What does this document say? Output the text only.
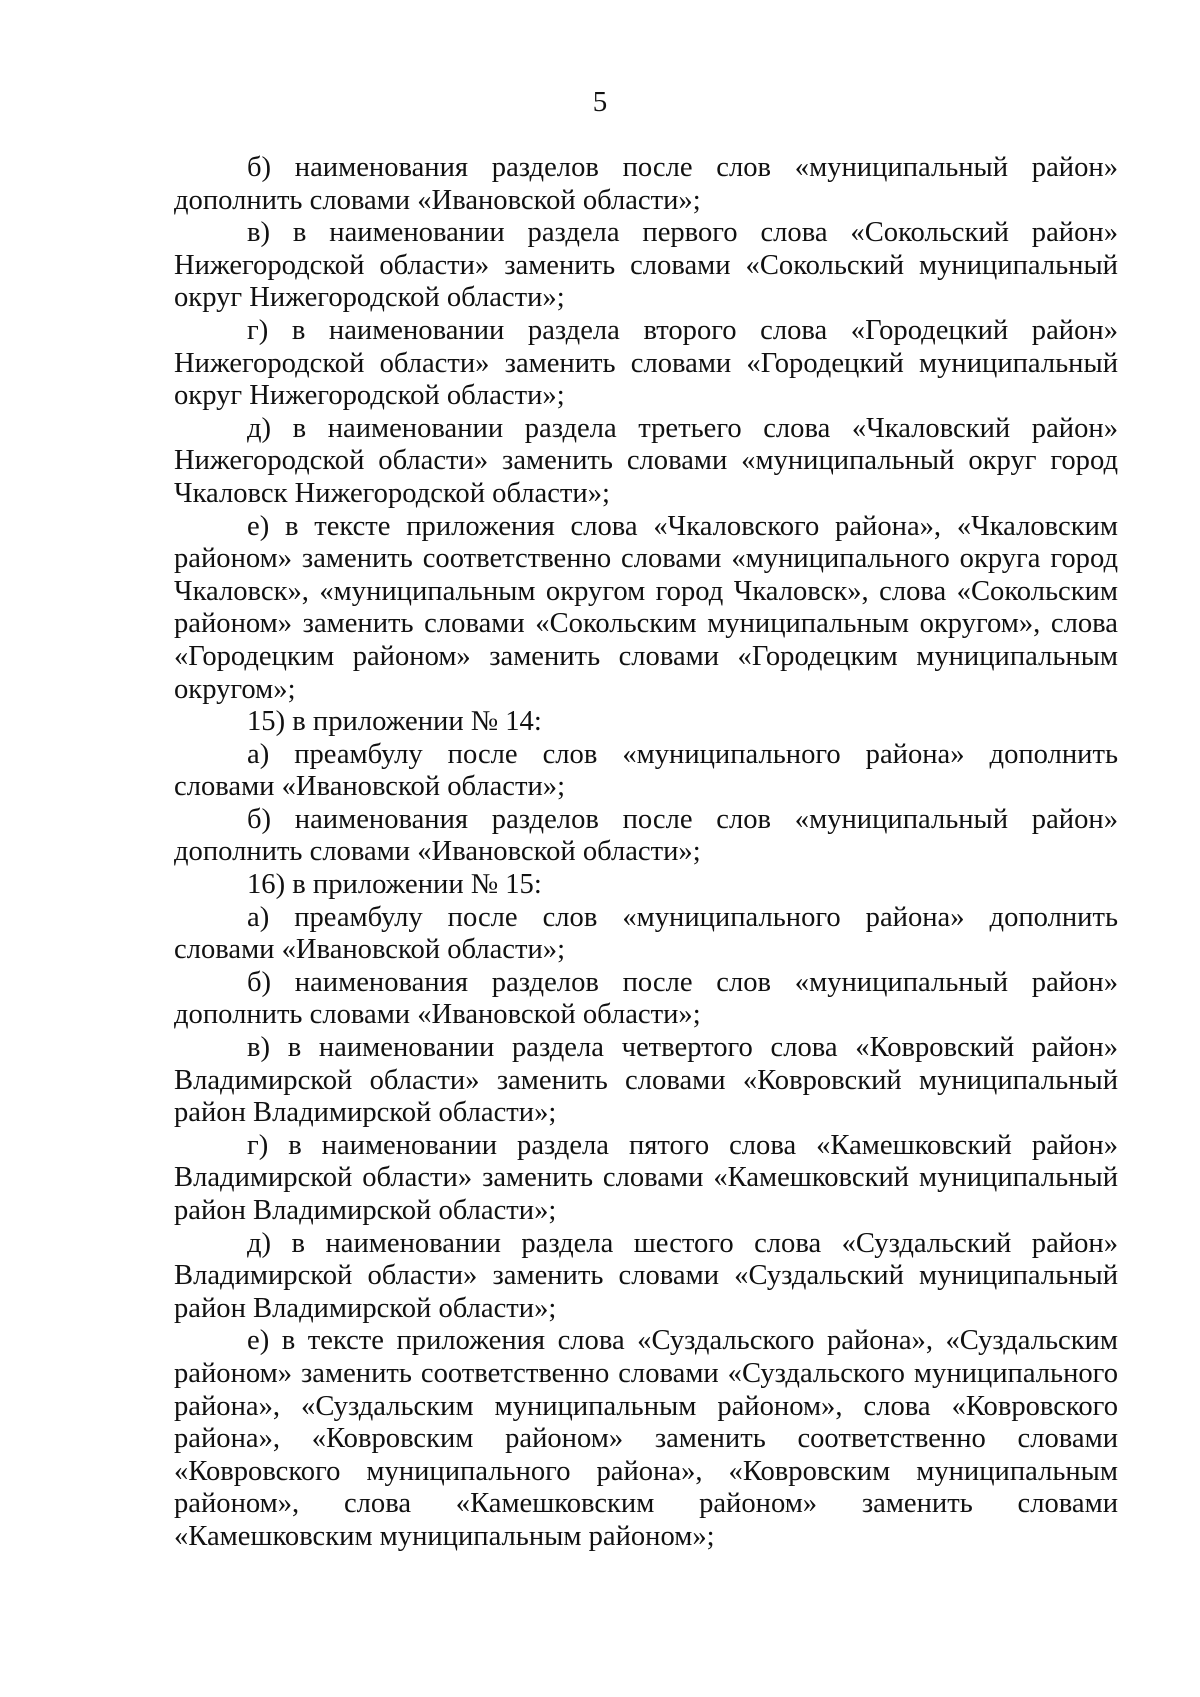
5

б) наименования разделов после слов «муниципальный район» дополнить словами «Ивановской области»;

в) в наименовании раздела первого слова «Сокольский район» Нижегородской области» заменить словами «Сокольский муниципальный округ Нижегородской области»;

г) в наименовании раздела второго слова «Городецкий район» Нижегородской области» заменить словами «Городецкий муниципальный округ Нижегородской области»;

д) в наименовании раздела третьего слова «Чкаловский район» Нижегородской области» заменить словами «муниципальный округ город Чкаловск Нижегородской области»;

е) в тексте приложения слова «Чкаловского района», «Чкаловским районом» заменить соответственно словами «муниципального округа город Чкаловск», «муниципальным округом город Чкаловск», слова «Сокольским районом» заменить словами «Сокольским муниципальным округом», слова «Городецким районом» заменить словами «Городецким муниципальным округом»;

15) в приложении № 14:

а) преамбулу после слов «муниципального района» дополнить словами «Ивановской области»;

б) наименования разделов после слов «муниципальный район» дополнить словами «Ивановской области»;

16) в приложении № 15:

а) преамбулу после слов «муниципального района» дополнить словами «Ивановской области»;

б) наименования разделов после слов «муниципальный район» дополнить словами «Ивановской области»;

в) в наименовании раздела четвертого слова «Ковровский район» Владимирской области» заменить словами «Ковровский муниципальный район Владимирской области»;

г) в наименовании раздела пятого слова «Камешковский район» Владимирской области» заменить словами «Камешковский муниципальный район Владимирской области»;

д) в наименовании раздела шестого слова «Суздальский район» Владимирской области» заменить словами «Суздальский муниципальный район Владимирской области»;

е) в тексте приложения слова «Суздальского района», «Суздальским районом» заменить соответственно словами «Суздальского муниципального района», «Суздальским муниципальным районом», слова «Ковровского района», «Ковровским районом» заменить соответственно словами «Ковровского муниципального района», «Ковровским муниципальным районом», слова «Камешковским районом» заменить словами «Камешковским муниципальным районом»;
